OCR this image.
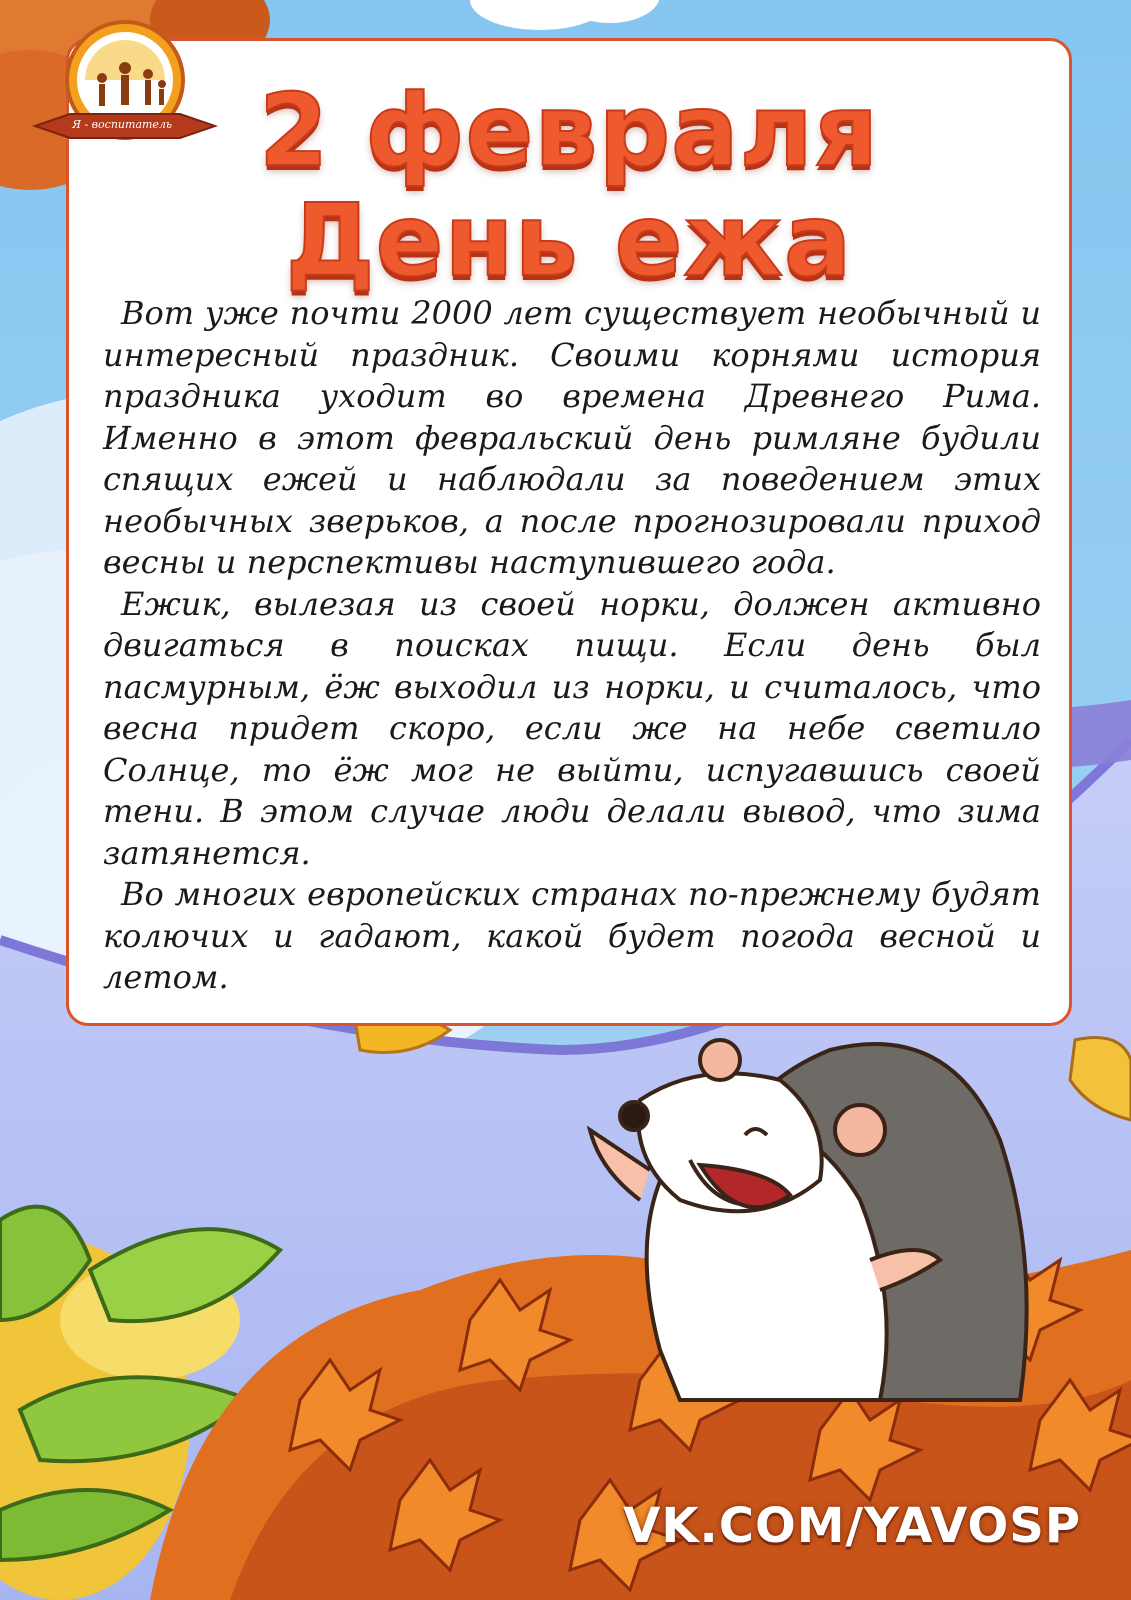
2 февраля
День ежа

Вот уже почти 2000 лет существует необычный и интересный праздник. Своими корнями история праздника уходит во времена Древнего Рима. Именно в этот февральский день римляне будили спящих ежей и наблюдали за поведением этих необычных зверьков, а после прогнозировали приход весны и перспективы наступившего года.

Ежик, вылезая из своей норки, должен активно двигаться в поисках пищи. Если день был пасмурным, ёж выходил из норки, и считалось, что весна придет скоро, если же на небе светило Солнце, то ёж мог не выйти, испугавшись своей тени. В этом случае люди делали вывод, что зима затянется.

Во многих европейских странах по-прежнему будят колючих и гадают, какой будет погода весной и летом.

Я - воспитатель
VK.COM/YAVOSP
